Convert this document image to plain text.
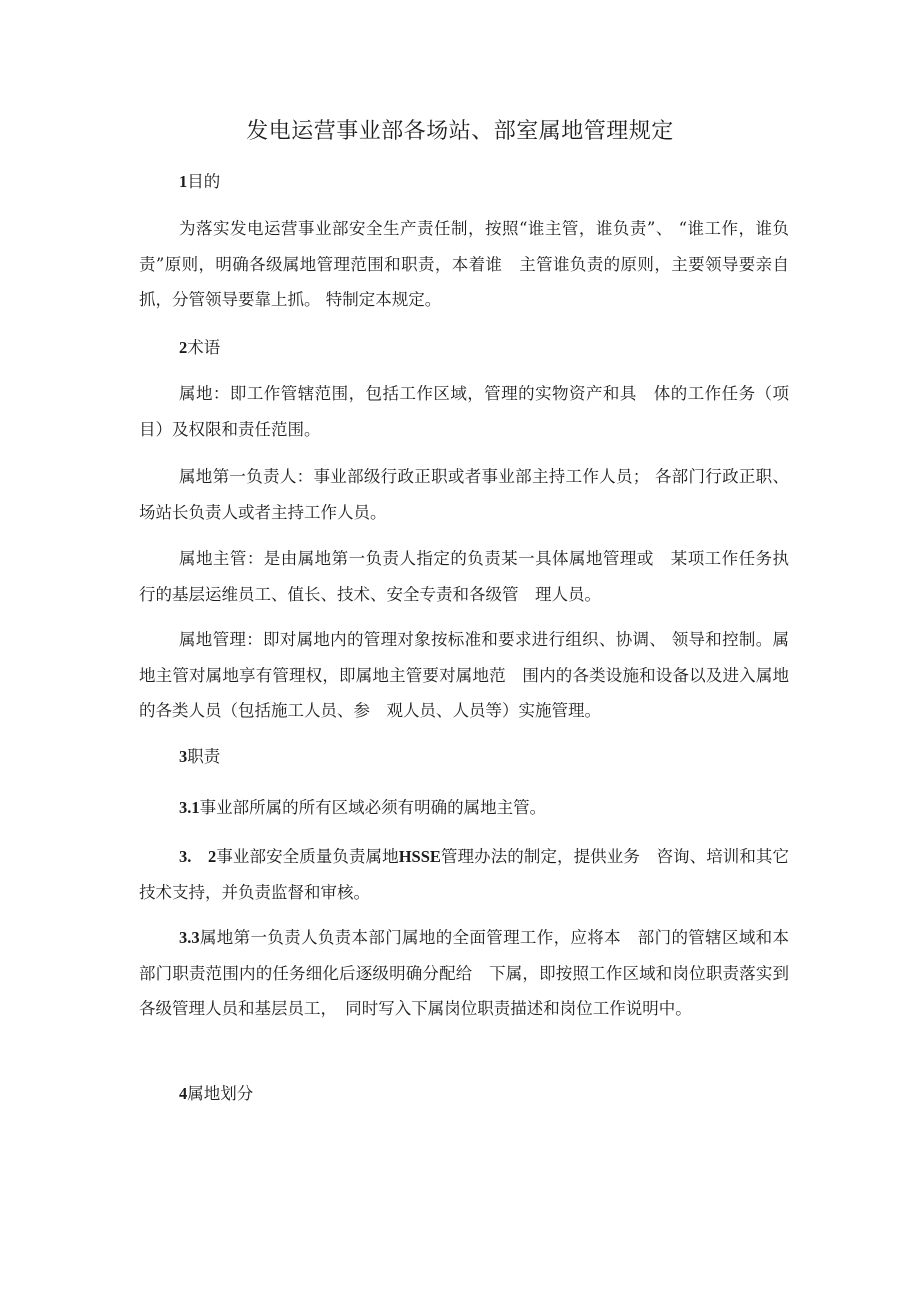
发电运营事业部各场站、部室属地管理规定
1目的

为落实发电运营事业部安全生产责任制，按照“谁主管，谁负责”、 “谁工作，谁负责”原则，明确各级属地管理范围和职责，本着谁　主管谁负责的原则，主要领导要亲自抓，分管领导要靠上抓。 特制定本规定。

2术语

属地：即工作管辖范围，包括工作区域，管理的实物资产和具　体的工作任务（项目）及权限和责任范围。

属地第一负责人：事业部级行政正职或者事业部主持工作人员； 各部门行政正职、场站长负责人或者主持工作人员。

属地主管：是由属地第一负责人指定的负责某一具体属地管理或　某项工作任务执行的基层运维员工、值长、技术、安全专责和各级管　理人员。

属地管理：即对属地内的管理对象按标准和要求进行组织、协调、 领导和控制。属地主管对属地享有管理权，即属地主管要对属地范　围内的各类设施和设备以及进入属地的各类人员（包括施工人员、参　观人员、人员等）实施管理。

3职责

3.1事业部所属的所有区域必须有明确的属地主管。

3.　2事业部安全质量负责属地HSSE管理办法的制定，提供业务　咨询、培训和其它技术支持，并负责监督和审核。

3.3属地第一负责人负责本部门属地的全面管理工作，应将本　部门的管辖区域和本部门职责范围内的任务细化后逐级明确分配给　下属，即按照工作区域和岗位职责落实到各级管理人员和基层员工，　同时写入下属岗位职责描述和岗位工作说明中。

4属地划分
